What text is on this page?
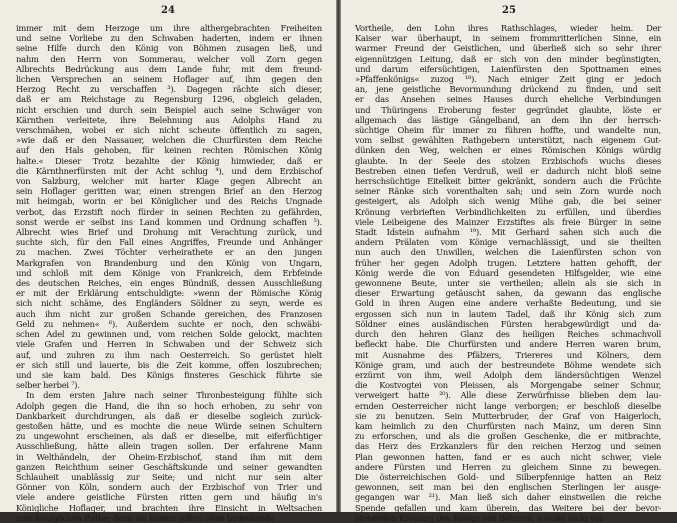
24
immer mit dem Herzoge um ihre althergebrachten Freiheiten
und seine Vorliebe zu den Schwaben haderten, indem er ihnen
seine Hilfe durch den König von Böhmen zusagen ließ, und
nahm den Herrn von Sommerau, welcher voll Zorn gegen
Albrechts Bedrückung aus dem Lande fuhr, mit dem freund-
lichen Versprechen an seinem Hoflager auf, ihm gegen den
Herzog Recht zu verschaffen ³). Dagegen rächte sich dieser,
daß er am Reichstage zu Regensburg 1296, obgleich geladen,
nicht erschien und durch sein Beispiel auch seine Schwäger von
Kärnthen verleitete, ihre Belehnung aus Adolphs Hand zu
verschmähen, wobei er sich nicht scheute öffentlich zu sagen,
»wie daß er den Nassauer, welchen die Churfürsten dem Reiche
auf den Hals gehoben, für keinen rechten Römischen König
halte.« Dieser Trotz bezahlte der König himwieder, daß er
die Kärnthnerfürsten mit der Acht schlug ⁴), und dem Erzbischof
von Salzburg, welcher mit harter Klage gegen Albrecht an
sein Hoflager geritten war, einen strengen Brief an den Herzog
mit heimgab, worin er bei Königlicher und des Reichs Ungnade
verbot, das Erzstift noch fürder in seinen Rechten zu gefährden,
sonst werde er selbst ins Land kommen und Ordnung schaffen ⁵).
Albrecht wies Brief und Drohung mit Verachtung zurück, und
suchte sich, für den Fall eines Angriffes, Freunde und Anhänger
zu machen. Zwei Töchter verheirathete er an den jungen
Markgrafen von Brandenburg und den König von Ungarn,
und schloß mit dem Könige von Frankreich, dem Erbfeinde
des deutschen Reiches, ein enges Bündniß, dessen Ausschließung
er mit der Erklärung entschuldigte: »wenn der Römische König
sich nicht schäme, des Engländers Söldner zu seyn, werde es
auch ihm nicht zur großen Schande gereichen, des Franzosen
Geld zu nehmen« ⁶). Außerdem suchte er noch, den schwäbi-
schen Adel zu gewinnen und, vom reichen Solde gelockt, machten
viele Grafen und Herren in Schwaben und der Schweiz sich
auf, und zuhren zu ihm nach Oesterreich. So gerüstet hielt
er sich still und lauerte, bis die Zeit komme, offen loszubrechen;
und sie kam bald. Des Königs finsteres Geschick führte sie
selber herbei ⁷).
In dem ersten Jahre nach seiner Thronbesteigung fühlte sich
Adolph gegen die Hand, die ihn so hoch erhoben, zu sehr von
Dankbarkeit durchdrungen, als daß er dieselbe sogleich zurück-
gestoßen hätte, und es mochte die neue Würde seinen Schultern
zu ungewohnt erscheinen, als daß er dieselbe, mit eiferfüchtiger
Ausschließung, hätte allein tragen sollen. Der erfahrene Mann
in Welthändeln, der Oheim-Erzbischof, stand ihm mit dem
ganzen Reichthum seiner Geschäftskunde und seiner gewandten
Schlauheit unablässig zur Seite; und nicht nur sein alter
Gönner von Köln, sondern auch der Erzbischof von Trier und
viele andere geistliche Fürsten ritten gern und häufig in's
Königliche Hoflager, und brachten ihre Einsicht in Weltsachen
zum königlichen Rathe; denn sie kamen selten ohne bedeutende
25
Vortheile, den Lohn ihres Rathschlages, wieder heim. Der
Kaiser war überhaupt, in seinem frommritterlichen Sinne, ein
warmer Freund der Geistlichen, und überließ sich so sehr ihrer
eigennützigen Leitung, daß er sich von den minder begünstigten,
und darum eifersüchtigen, Laienfürsten den Spottnamen eines
»Pfaffenkönigs« zuzog ¹⁸). Nach einiger Zeit ging er jedoch
an, jene geistliche Bevormundung drückend zu finden, und seit
er das Ansehen seines Hauses durch eheliche Verbindungen
und Thüringens Eroberung fester gegründet glaubte, löste er
allgemach das lästige Gängelband, an dem ihn der herrsch-
süchtige Oheim für immer zu führen hoffte, und wandelte nun,
vom selbst gewählten Rathgebern unterstützt, nach eigenem Gut-
dünken den Weg, welchen er eines Römischen Königs würdig
glaubte. In der Seele des stolzen Erzbischofs wuchs dieses
Bestreben einen tiefen Verdruß, weil er dadurch nicht bloß seine
herrschsüchtige Eitelkeit bitter gekränkt, sondern auch die Früchte
seiner Ränke sich vorenthalten sah; und sein Zorn wurde noch
gesteigert, als Adolph sich wenig Mühe gab, die bei seiner
Krönung verbrieften Verbindlichkeiten zu erfüllen, und überdies
viele Leibeigene des Mainzer Erzstiftes als freie Bürger in seine
Stadt Idstein aufnahm ¹⁹). Mit Gerhard sahen sich auch die
andern Prälaten vom Könige vernachlässigt, und sie theilten
nun auch den Unwillen, welchen die Laienfürsten schon von
früher her gegen Adolph trugen. Letztere hatten gehofft, der
König werde die von Eduard gesendeten Hilfsgelder, wie eine
gewonnene Beute, unter sie vertheilen; allein als sie sich in
dieser Erwartung getäuscht sahen, da gewann das englische
Gold in ihren Augen eine andere verhaßte Bedeutung, und sie
ergossen sich nun in lautem Tadel, daß ihr König sich zum
Söldner eines ausländischen Fürsten herabgewürdigt und da-
durch den hehren Glanz des heiligen Reiches schmachvoll
befleckt habe. Die Churfürsten und andere Herren waren brum,
mit Ausnahme des Pfälzers, Triereres und Kölners, dem
Könige gram, und auch der bestreundete Böhme wendete sich
erzürnt von ihm, weil Adolph dem ländersüchtigen Wenzel
die Kostvogtei von Pleissen, als Morgengabe seiner Schnur,
verweigert hatte ²⁰). Alle diese Zerwürfnisse blieben dem lau-
ernden Oesterreicher nicht lange verborgen; er beschloß dieselbe
sie zu benutzen. Sein Mutterbruder, der Graf von Haigerloch,
kam heimlich zu den Churfürsten nach Mainz, um deren Sinn
zu erforschen, und als die großen Geschenke, die er mitbrachte,
das Herz des Erzkanzlers für den reichen Herzog und seinen
Plan gewonnen hatten, fand er es auch nicht schwer, viele
andere Fürsten und Herren zu gleichem Sinne zu bewegen.
Die österreichischen Gold- und Silberpfennige hatten an Reiz
gewonnen, seit man bei den englischen Sterlingen ler ausge-
gegangen war ²¹). Man ließ sich daher einstweilen die reiche
Spende gefallen und kam überein, das Weitere bei der bevor-
stehenden Krönung des Königs von Böhmen, welche nicht vor
